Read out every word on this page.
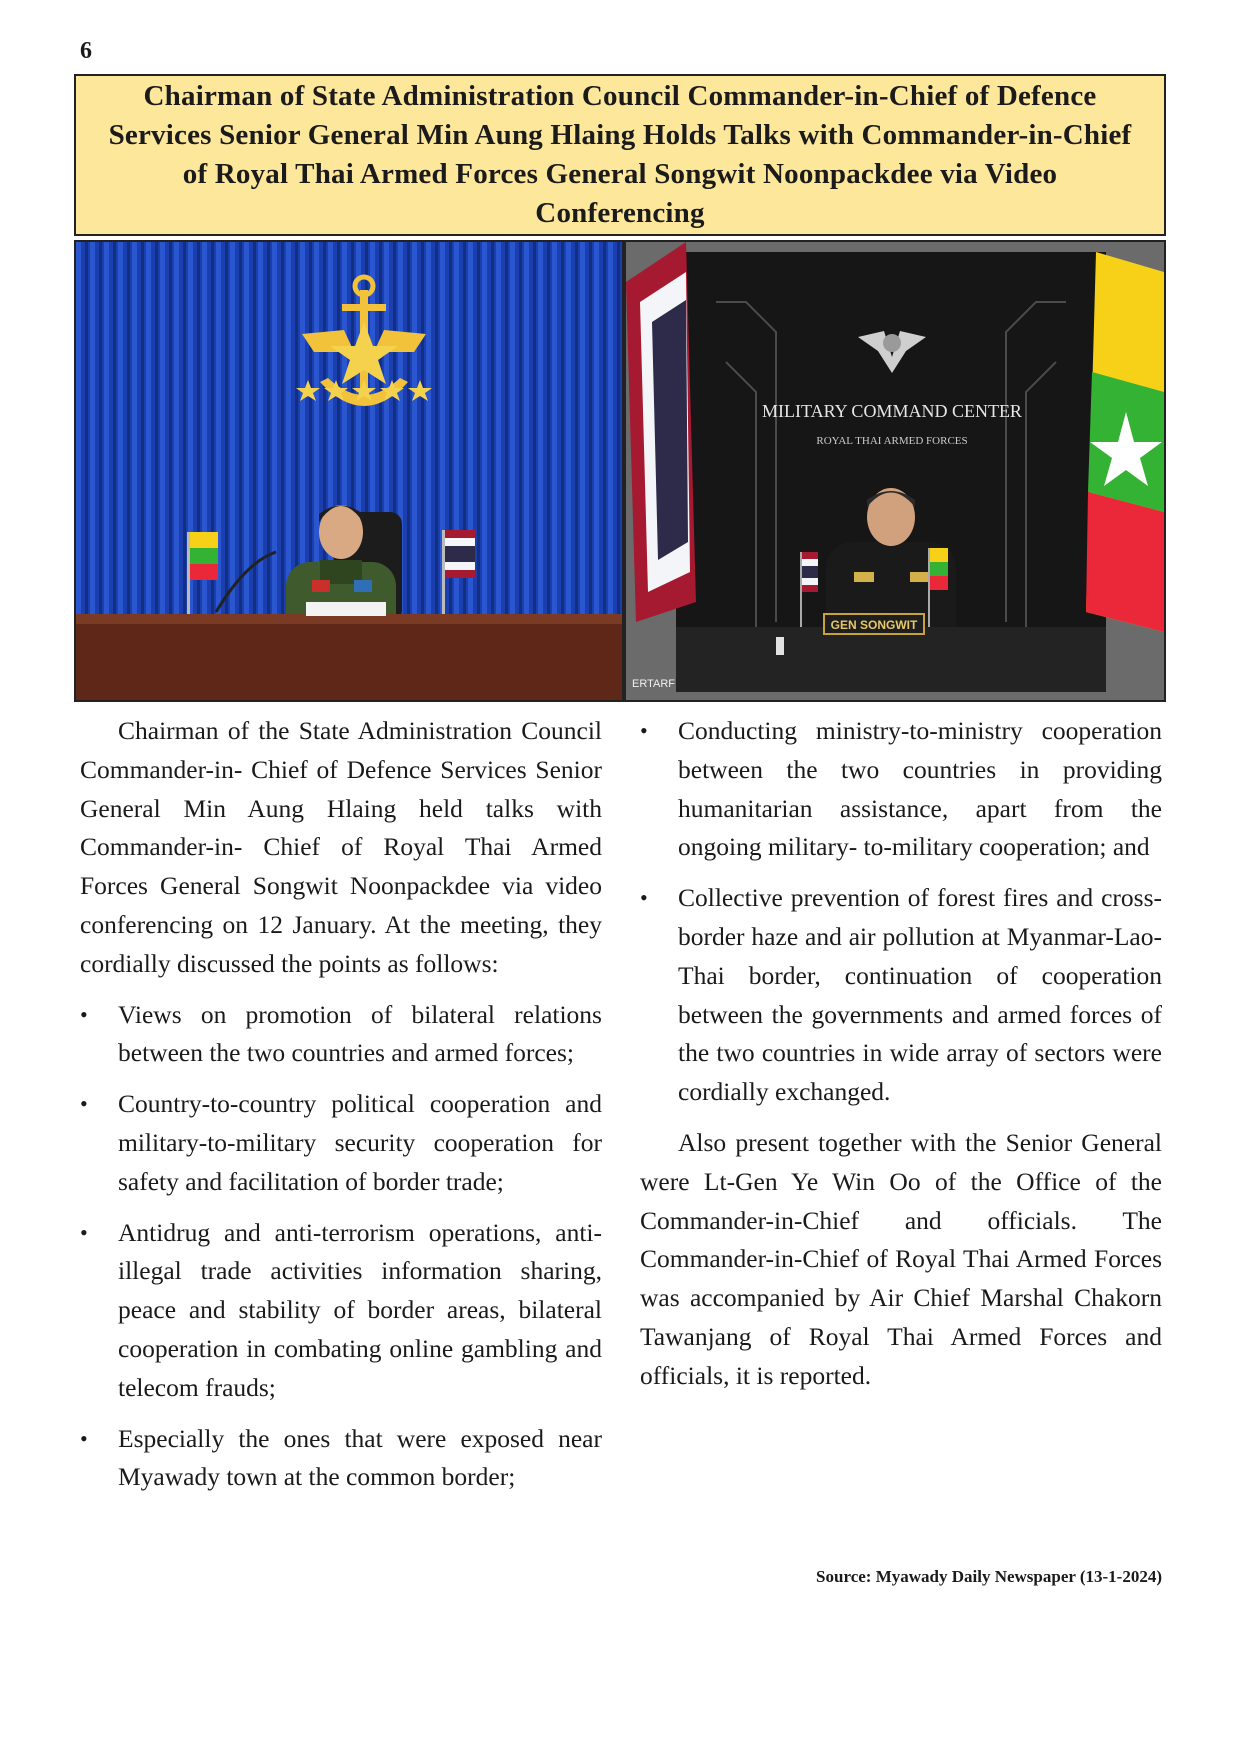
6
Chairman of State Administration Council Commander-in-Chief of Defence Services Senior General Min Aung Hlaing Holds Talks with Commander-in-Chief of Royal Thai Armed Forces General Songwit Noonpackdee via Video Conferencing
MILITARY COMMAND CENTER
ROYAL THAI ARMED FORCES
GEN SONGWIT
ERTARF

Chairman of the State Administration Council Commander-in- Chief of Defence Services Senior General Min Aung Hlaing held talks with Commander-in- Chief of Royal Thai Armed Forces General Songwit Noonpackdee via video conferencing on 12 January. At the meeting, they cordially discussed the points as follows:

• Views on promotion of bilateral relations between the two countries and armed forces;
• Country-to-country political cooperation and military-to-military security cooperation for safety and facilitation of border trade;
• Antidrug and anti-terrorism operations, anti-illegal trade activities information sharing, peace and stability of border areas, bilateral cooperation in combating online gambling and telecom frauds;
• Especially the ones that were exposed near Myawady town at the common border;
• Conducting ministry-to-ministry cooperation between the two countries in providing humanitarian assistance, apart from the ongoing military- to-military cooperation; and
• Collective prevention of forest fires and cross-border haze and air pollution at Myanmar-Lao-Thai border, continuation of cooperation between the governments and armed forces of the two countries in wide array of sectors were cordially exchanged.

Also present together with the Senior General were Lt-Gen Ye Win Oo of the Office of the Commander-in-Chief and officials. The Commander-in-Chief of Royal Thai Armed Forces was accompanied by Air Chief Marshal Chakorn Tawanjang of Royal Thai Armed Forces and officials, it is reported.

Source: Myawady Daily Newspaper (13-1-2024)
